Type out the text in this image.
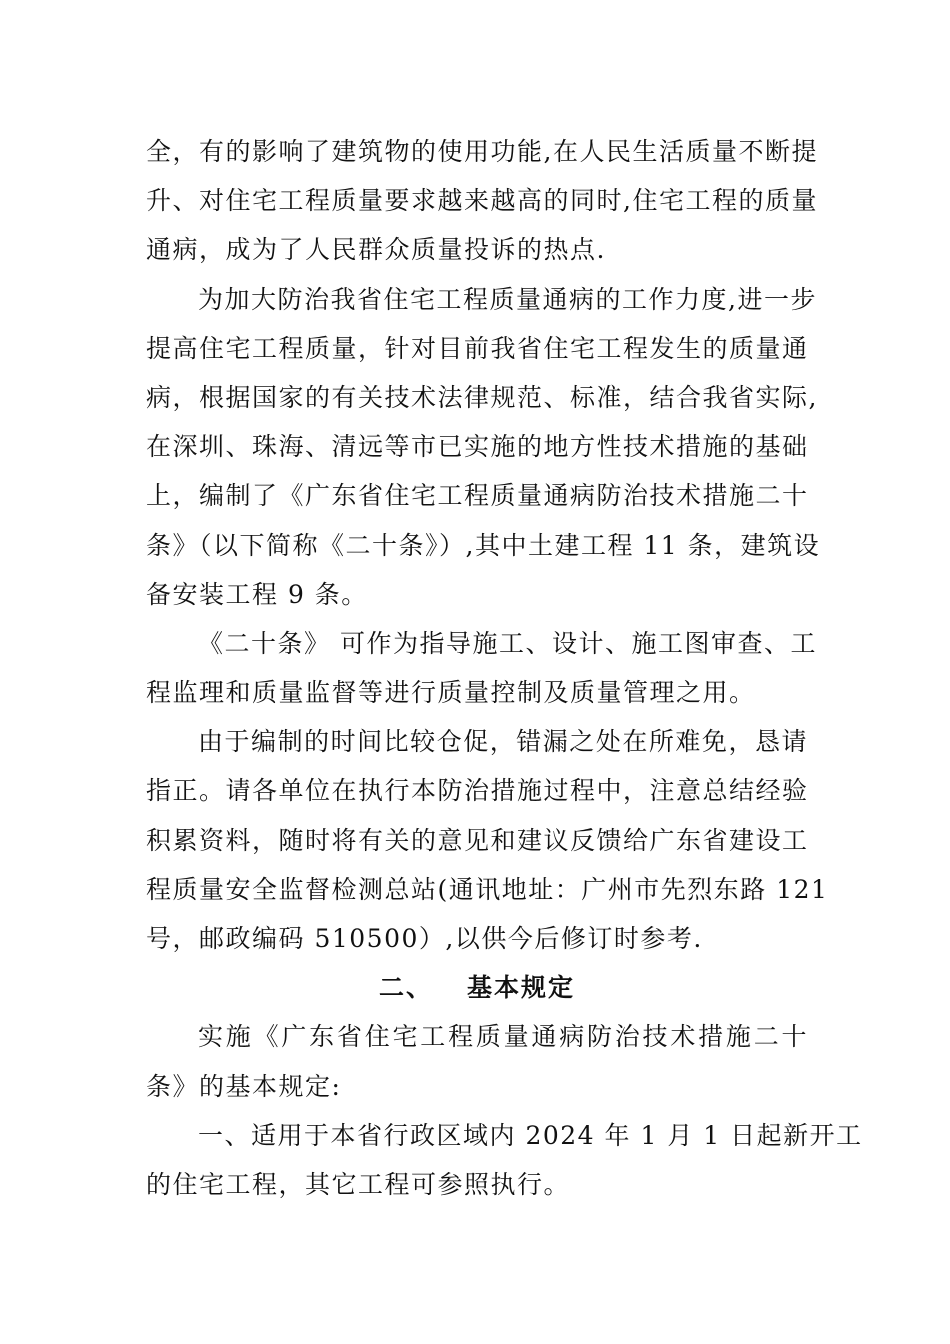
全，有的影响了建筑物的使用功能,在人民生活质量不断提
升、对住宅工程质量要求越来越高的同时,住宅工程的质量
通病，成为了人民群众质量投诉的热点.
为加大防治我省住宅工程质量通病的工作力度,进一步
提高住宅工程质量，针对目前我省住宅工程发生的质量通
病，根据国家的有关技术法律规范、标准，结合我省实际,
在深圳、珠海、清远等市已实施的地方性技术措施的基础
上，编制了《广东省住宅工程质量通病防治技术措施二十
条》（以下简称《二十条》）,其中土建工程 11 条，建筑设
备安装工程 9 条。
《二十条》 可作为指导施工、设计、施工图审查、工
程监理和质量监督等进行质量控制及质量管理之用。
由于编制的时间比较仓促，错漏之处在所难免，恳请
指正。请各单位在执行本防治措施过程中，注意总结经验
积累资料，随时将有关的意见和建议反馈给广东省建设工
程质量安全监督检测总站(通讯地址：广州市先烈东路 121
号，邮政编码 510500）,以供今后修订时参考.
二、 基本规定
实施《广东省住宅工程质量通病防治技术措施二十
条》的基本规定:
一、适用于本省行政区域内 2024 年 1 月 1 日起新开工
的住宅工程，其它工程可参照执行。
